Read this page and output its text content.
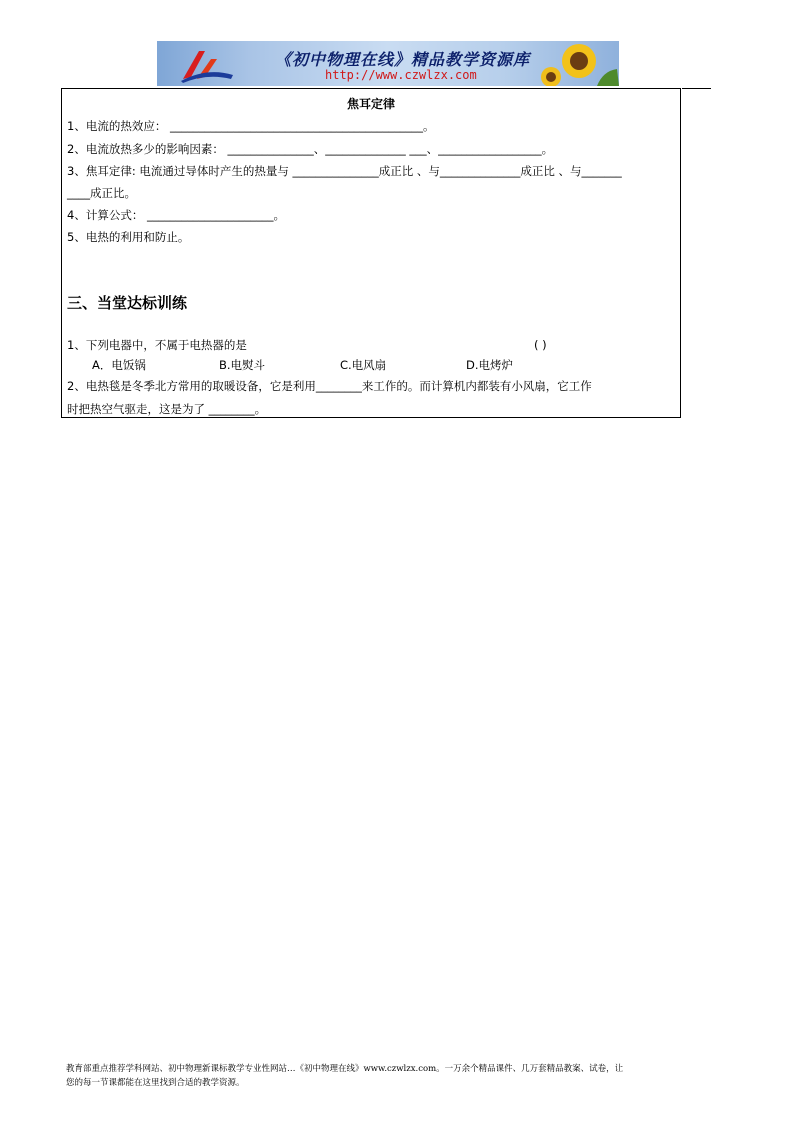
《初中物理在线》精品教学资源库
http://www.czwlzx.com
焦耳定律
1、电流的热效应： ____________________________________________。
2、电流放热多少的影响因素： _______________、______________ ___、__________________。
3、焦耳定律: 电流通过导体时产生的热量与 _______________成正比 、与______________成正比 、与_______
____成正比。
4、计算公式： ______________________。
5、电热的利用和防止。
三、当堂达标训练
1、下列电器中，不属于电热器的是	( )
A．电饭锅	B.电熨斗	C.电风扇	D.电烤炉
2、电热毯是冬季北方常用的取暖设备，它是利用________来工作的。而计算机内都装有小风扇，它工作
时把热空气驱走，这是为了 ________。
教育部重点推荐学科网站、初中物理新课标教学专业性网站…《初中物理在线》www.czwlzx.com。一万余个精品课件、几万套精品教案、试卷，让
您的每一节课都能在这里找到合适的教学资源。
